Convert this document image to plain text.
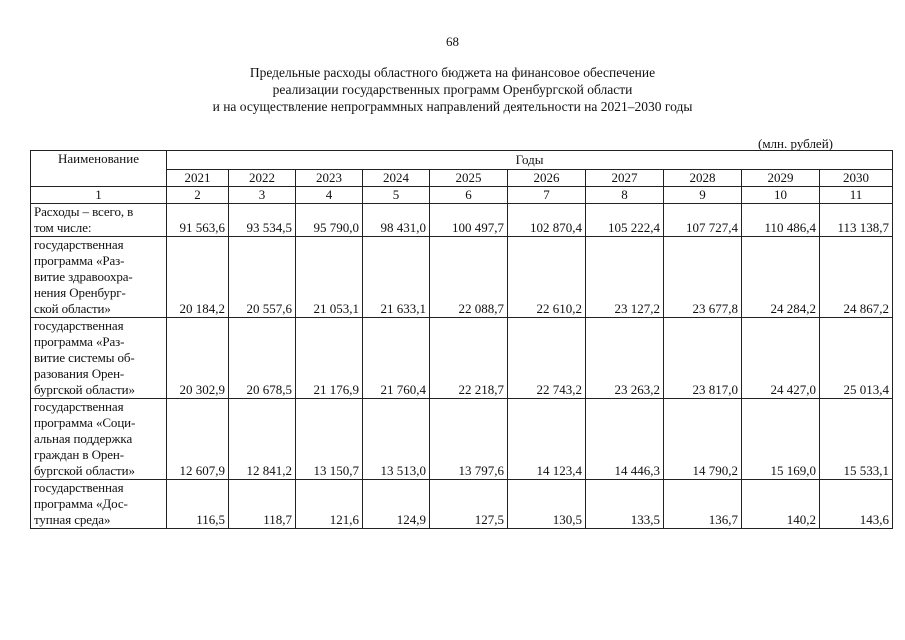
68
Предельные расходы областного бюджета на финансовое обеспечение
реализации государственных программ Оренбургской области
и на осуществление непрограммных направлений деятельности на 2021–2030 годы
(млн. рублей)
Наименование	Годы									
	2021	2022	2023	2024	2025	2026	2027	2028	2029	2030
1	2	3	4	5	6	7	8	9	10	11

Расходы – всего, в
том числе:	91 563,6	93 534,5	95 790,0	98 431,0	100 497,7	102 870,4	105 222,4	107 727,4	110 486,4	113 138,7

государственная
программа «Раз-
витие здравоохра-
нения Оренбург-
ской области»	20 184,2	20 557,6	21 053,1	21 633,1	22 088,7	22 610,2	23 127,2	23 677,8	24 284,2	24 867,2

государственная
программа «Раз-
витие системы об-
разования Орен-
бургской области»	20 302,9	20 678,5	21 176,9	21 760,4	22 218,7	22 743,2	23 263,2	23 817,0	24 427,0	25 013,4

государственная
программа «Соци-
альная поддержка
граждан в Орен-
бургской области»	12 607,9	12 841,2	13 150,7	13 513,0	13 797,6	14 123,4	14 446,3	14 790,2	15 169,0	15 533,1

государственная
программа «Дос-
тупная среда»	116,5	118,7	121,6	124,9	127,5	130,5	133,5	136,7	140,2	143,6
